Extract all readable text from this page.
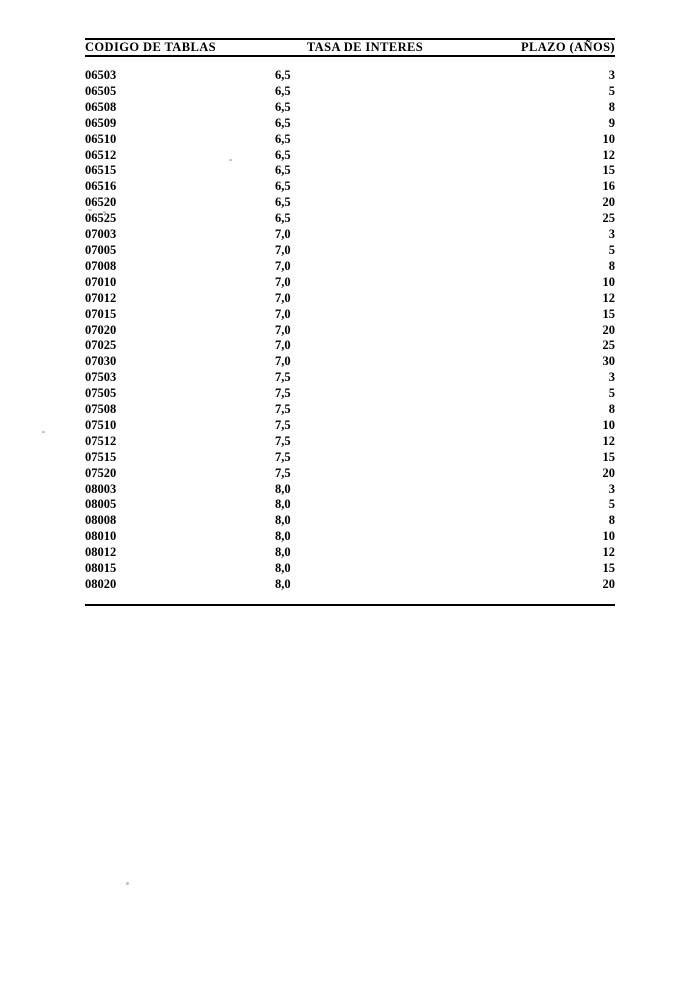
CODIGO DE TABLAS	TASA DE INTERES	PLAZO (AÑOS)

06503	6,5	3
06505	6,5	5
06508	6,5	8
06509	6,5	9
06510	6,5	10
06512	6,5	12
06515	6,5	15
06516	6,5	16
06520	6,5	20
06525	6,5	25
07003	7,0	3
07005	7,0	5
07008	7,0	8
07010	7,0	10
07012	7,0	12
07015	7,0	15
07020	7,0	20
07025	7,0	25
07030	7,0	30
07503	7,5	3
07505	7,5	5
07508	7,5	8
07510	7,5	10
07512	7,5	12
07515	7,5	15
07520	7,5	20
08003	8,0	3
08005	8,0	5
08008	8,0	8
08010	8,0	10
08012	8,0	12
08015	8,0	15
08020	8,0	20
